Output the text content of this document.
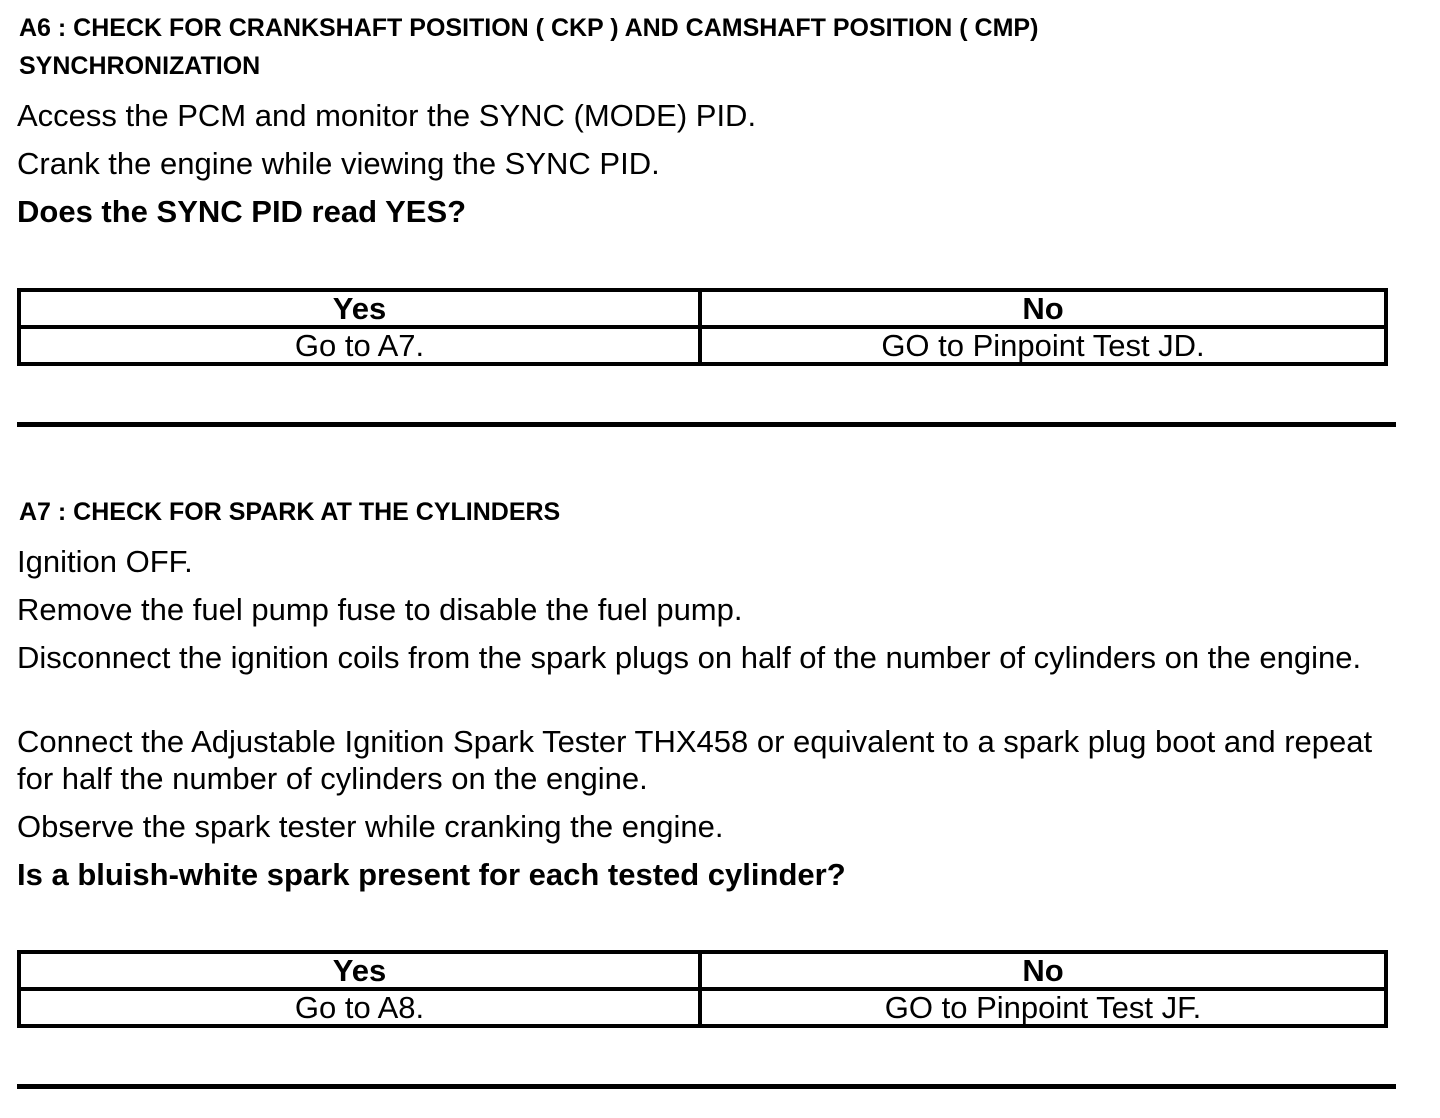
A6 : CHECK FOR CRANKSHAFT POSITION ( CKP ) AND CAMSHAFT POSITION ( CMP)

SYNCHRONIZATION

Access the PCM and monitor the SYNC (MODE) PID.

Crank the engine while viewing the SYNC PID.

Does the SYNC PID read YES?

Yes	No
Go to A7.	GO to Pinpoint Test JD.

A7 : CHECK FOR SPARK AT THE CYLINDERS

Ignition OFF.

Remove the fuel pump fuse to disable the fuel pump.

Disconnect the ignition coils from the spark plugs on half of the number of cylinders on the engine.

Connect the Adjustable Ignition Spark Tester THX458 or equivalent to a spark plug boot and repeat for half the number of cylinders on the engine.

Observe the spark tester while cranking the engine.

Is a bluish-white spark present for each tested cylinder?

Yes	No
Go to A8.	GO to Pinpoint Test JF.
